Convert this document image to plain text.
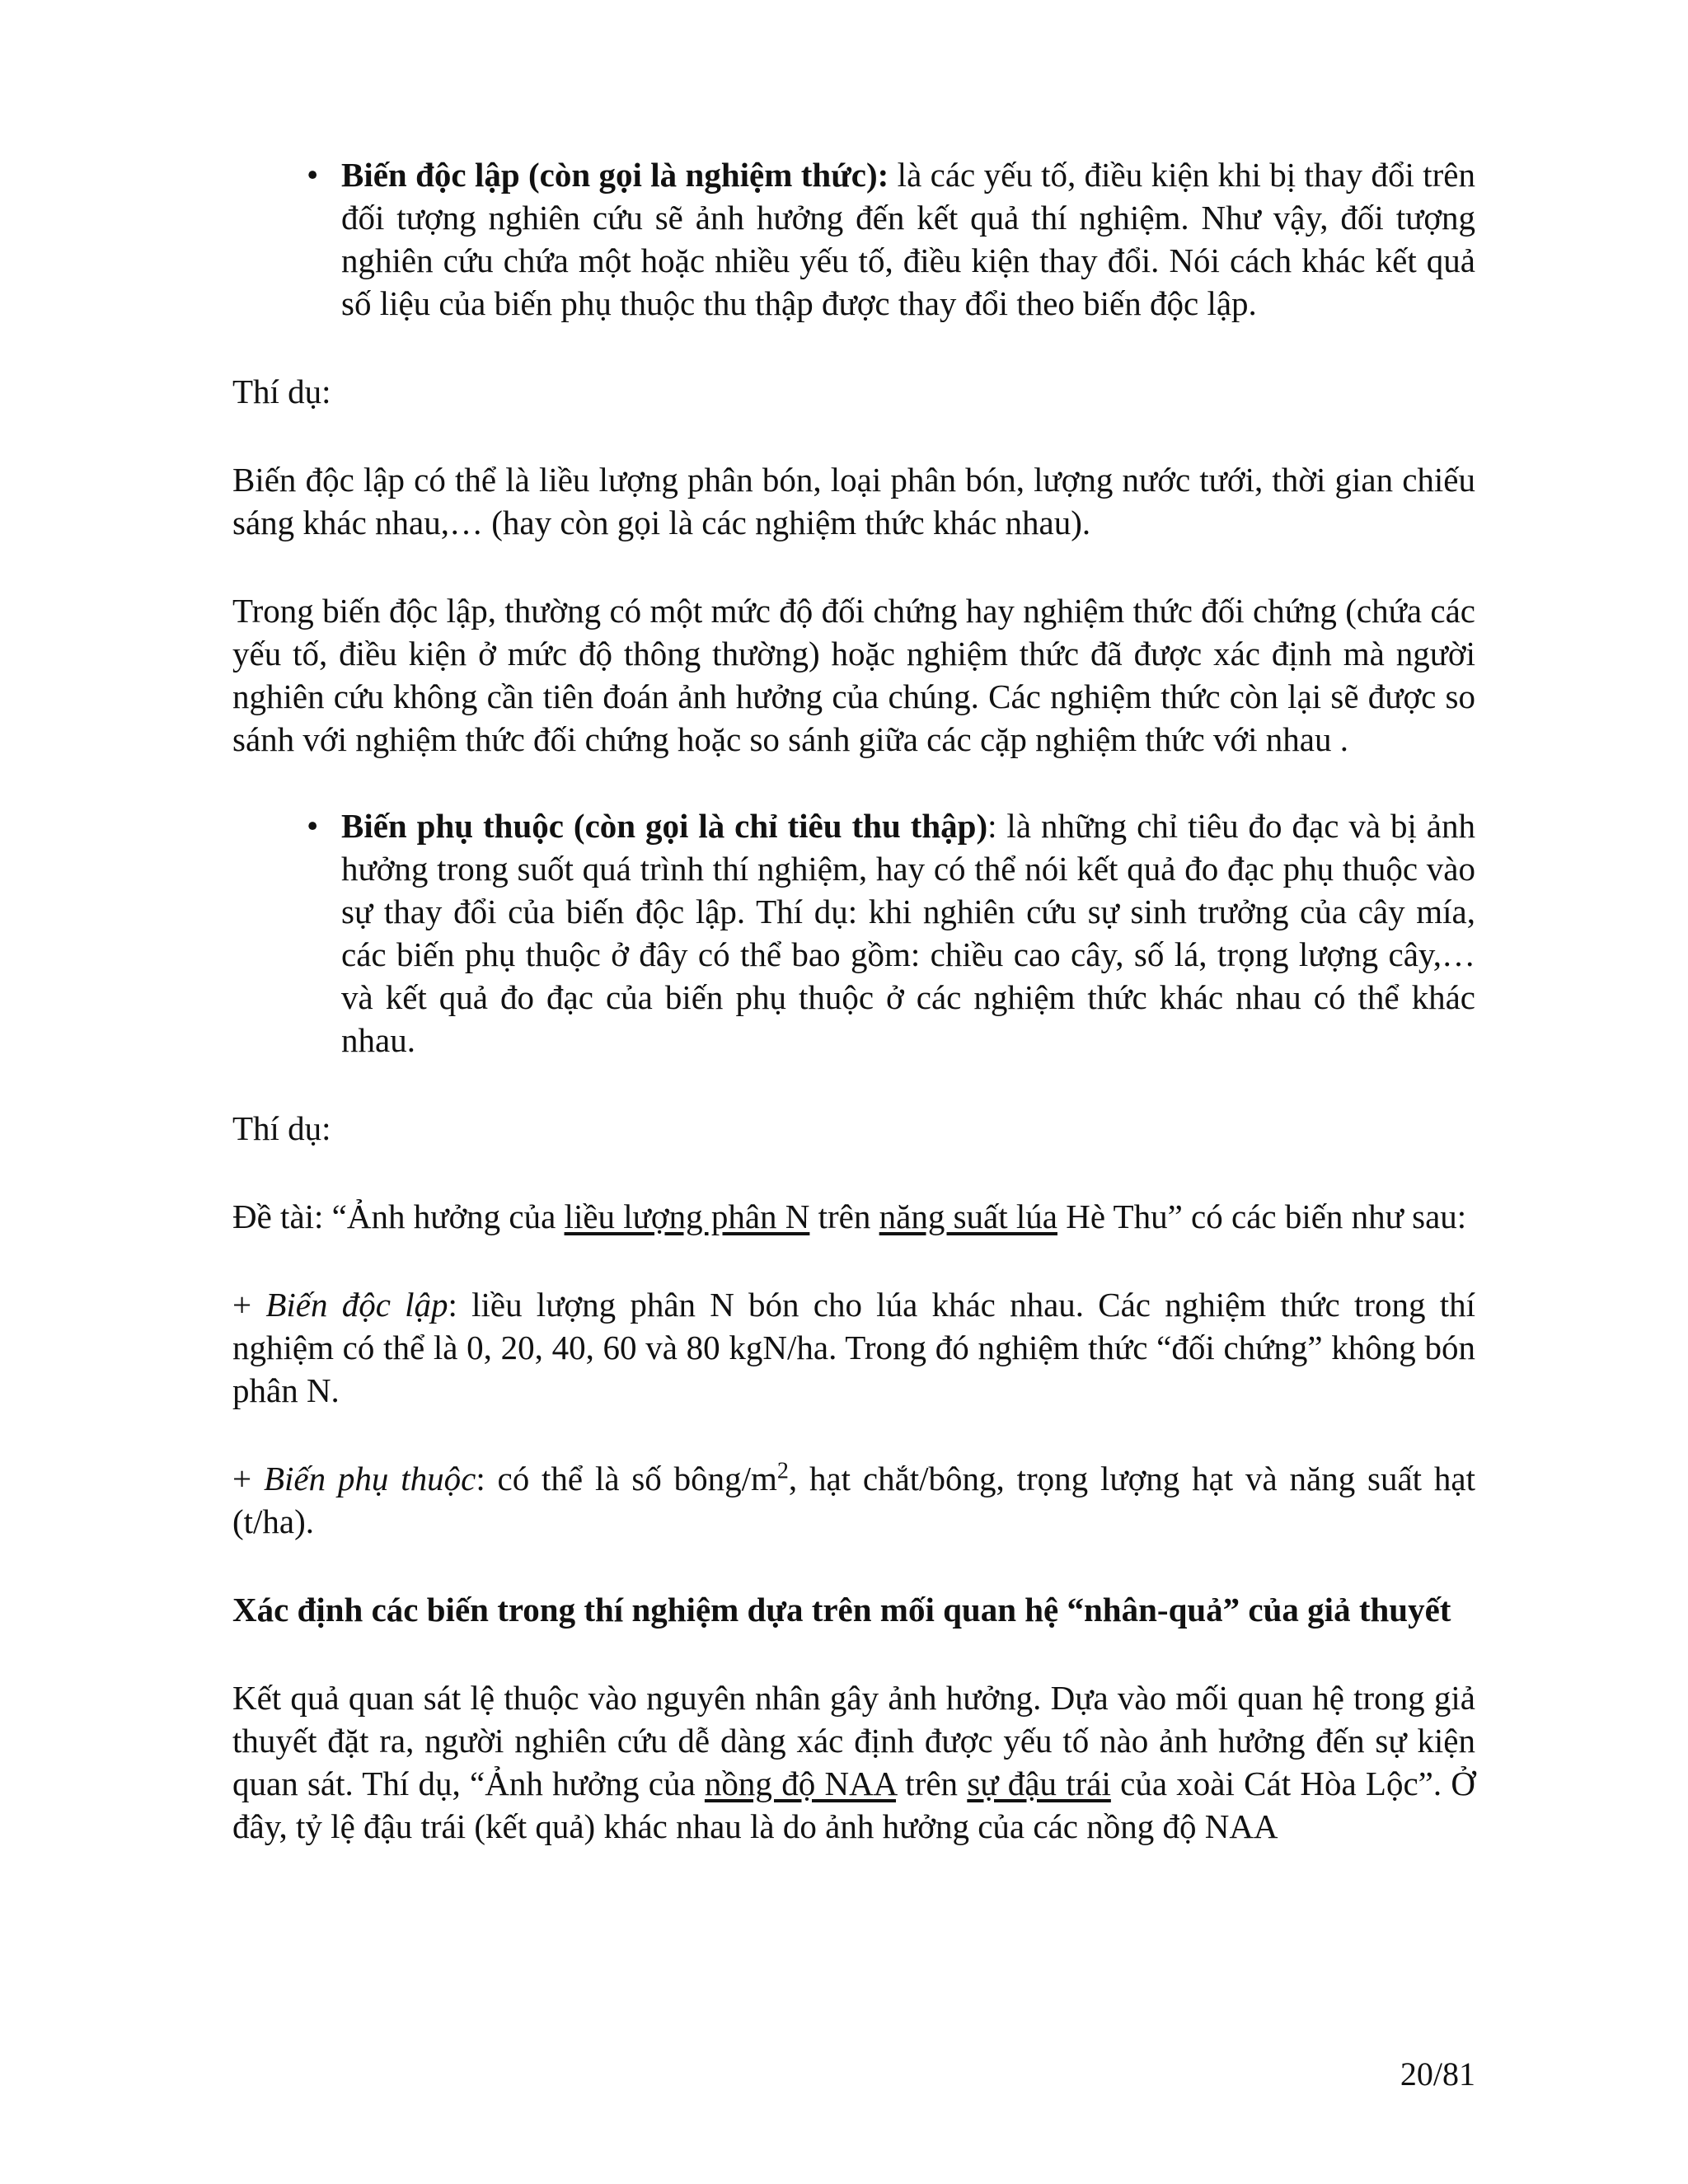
• Biến độc lập (còn gọi là nghiệm thức): là các yếu tố, điều kiện khi bị thay đổi trên đối tượng nghiên cứu sẽ ảnh hưởng đến kết quả thí nghiệm. Như vậy, đối tượng nghiên cứu chứa một hoặc nhiều yếu tố, điều kiện thay đổi. Nói cách khác kết quả số liệu của biến phụ thuộc thu thập được thay đổi theo biến độc lập.

Thí dụ:

Biến độc lập có thể là liều lượng phân bón, loại phân bón, lượng nước tưới, thời gian chiếu sáng khác nhau,… (hay còn gọi là các nghiệm thức khác nhau).

Trong biến độc lập, thường có một mức độ đối chứng hay nghiệm thức đối chứng (chứa các yếu tố, điều kiện ở mức độ thông thường) hoặc nghiệm thức đã được xác định mà người nghiên cứu không cần tiên đoán ảnh hưởng của chúng. Các nghiệm thức còn lại sẽ được so sánh với nghiệm thức đối chứng hoặc so sánh giữa các cặp nghiệm thức với nhau .

• Biến phụ thuộc (còn gọi là chỉ tiêu thu thập): là những chỉ tiêu đo đạc và bị ảnh hưởng trong suốt quá trình thí nghiệm, hay có thể nói kết quả đo đạc phụ thuộc vào sự thay đổi của biến độc lập. Thí dụ: khi nghiên cứu sự sinh trưởng của cây mía, các biến phụ thuộc ở đây có thể bao gồm: chiều cao cây, số lá, trọng lượng cây,… và kết quả đo đạc của biến phụ thuộc ở các nghiệm thức khác nhau có thể khác nhau.

Thí dụ:

Đề tài: “Ảnh hưởng của liều lượng phân N trên năng suất lúa Hè Thu” có các biến như sau:

+ Biến độc lập: liều lượng phân N bón cho lúa khác nhau. Các nghiệm thức trong thí nghiệm có thể là 0, 20, 40, 60 và 80 kgN/ha. Trong đó nghiệm thức “đối chứng” không bón phân N.

+ Biến phụ thuộc: có thể là số bông/$m^2$, hạt chắt/bông, trọng lượng hạt và năng suất hạt (t/ha).

Xác định các biến trong thí nghiệm dựa trên mối quan hệ “nhân-quả” của giả thuyết

Kết quả quan sát lệ thuộc vào nguyên nhân gây ảnh hưởng. Dựa vào mối quan hệ trong giả thuyết đặt ra, người nghiên cứu dễ dàng xác định được yếu tố nào ảnh hưởng đến sự kiện quan sát. Thí dụ, “Ảnh hưởng của nồng độ NAA trên sự đậu trái của xoài Cát Hòa Lộc”. Ở đây, tỷ lệ đậu trái (kết quả) khác nhau là do ảnh hưởng của các nồng độ NAA

20/81
